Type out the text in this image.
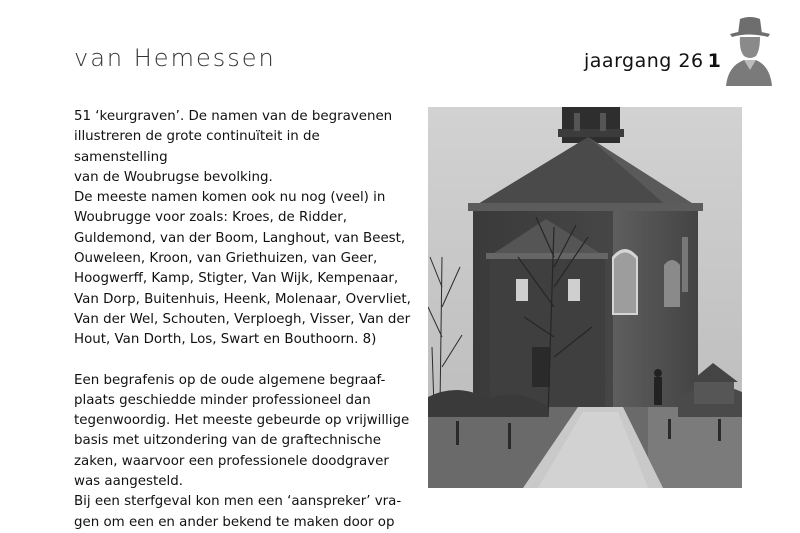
van Hemessen	jaargang 26 1

51 ‘keurgraven’. De namen van de begravenen
illustreren de grote continuïteit in de samenstelling
van de Woubrugse bevolking.

De meeste namen komen ook nu nog (veel) in
Woubrugge voor zoals: Kroes, de Ridder,
Guldemond, van der Boom, Langhout, van Beest,
Ouweleen, Kroon, van Griethuizen, van Geer,
Hoogwerff, Kamp, Stigter, Van Wijk, Kempenaar,
Van Dorp, Buitenhuis, Heenk, Molenaar, Overvliet,
Van der Wel, Schouten, Verploegh, Visser, Van der
Hout, Van Dorth, Los, Swart en Bouthoorn. 8)

Een begrafenis op de oude algemene begraaf-
plaats geschiedde minder professioneel dan
tegenwoordig. Het meeste gebeurde op vrijwillige
basis met uitzondering van de graftechnische
zaken, waarvoor een professionele doodgraver
was aangesteld.

Bij een sterfgeval kon men een ‘aanspreker’ vra-
gen om een en ander bekend te maken door op
